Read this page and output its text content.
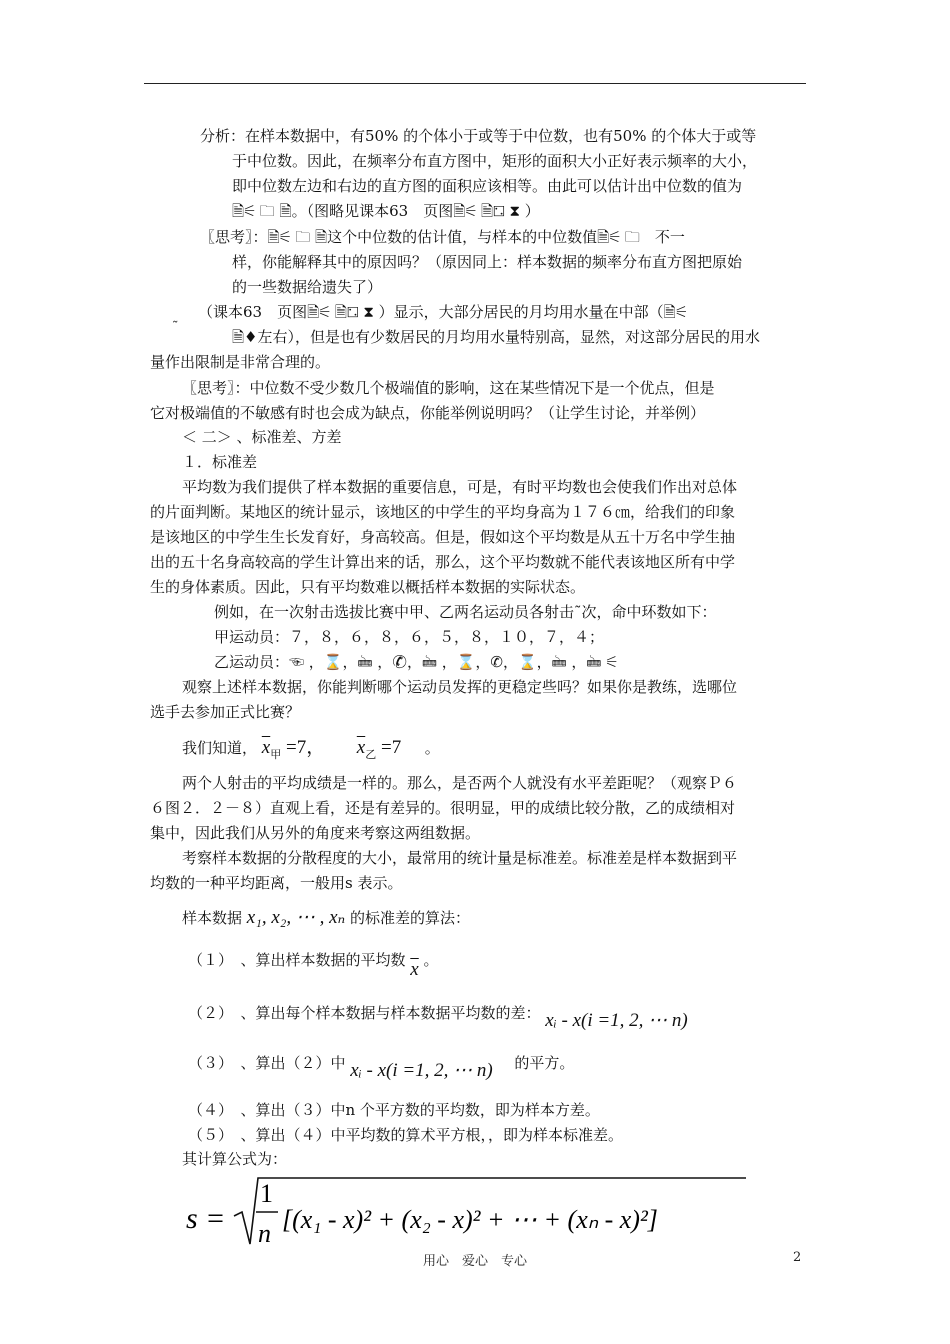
分析：在样本数据中，有50% 的个体小于或等于中位数，也有50% 的个体大于或等
于中位数。因此，在频率分布直方图中，矩形的面积大小正好表示频率的大小，
即中位数左边和右边的直方图的面积应该相等。由此可以估计出中位数的值为
🗎⚟ 🗀 🗎。（图略见课本63　页图🗎⚟ 🗎⚁ ⧗ ）
〖思考〗：🗎⚟ 🗀 🗎这个中位数的估计值，与样本的中位数值🗎⚟ 🗀　不一
样，你能解释其中的原因吗？（原因同上：样本数据的频率分布直方图把原始
的一些数据给遗失了）
（课本63　页图🗎⚟ 🗎⚁ ⧗ ）显示，大部分居民的月均用水量在中部（🗎⚟
˜
🗎♦左右），但是也有少数居民的月均用水量特别高，显然，对这部分居民的用水
量作出限制是非常合理的。
〖思考〗：中位数不受少数几个极端值的影响，这在某些情况下是一个优点，但是
它对极端值的不敏感有时也会成为缺点，你能举例说明吗？（让学生讨论，并举例）
＜ 二＞ 、标准差、方差
１．标准差
平均数为我们提供了样本数据的重要信息，可是，有时平均数也会使我们作出对总体
的片面判断。某地区的统计显示，该地区的中学生的平均身高为１７６㎝，给我们的印象
是该地区的中学生生长发育好，身高较高。但是，假如这个平均数是从五十万名中学生抽
出的五十名身高较高的学生计算出来的话，那么，这个平均数就不能代表该地区所有中学
生的身体素质。因此，只有平均数难以概括样本数据的实际状态。
例如，在一次射击选拔比赛中甲、乙两名运动员各射击᠎˜次，命中环数如下：
甲运动员：７，８，６，８，６，５，８，１０，７，４；
乙运动员：☜ ，⌛，🖮 ，✆，🖮 ，⌛，✆，⌛，🖮 ，🖮 ⚟
观察上述样本数据，你能判断哪个运动员发挥的更稳定些吗？如果你是教练，选哪位
选手去参加正式比赛？
我们知道， $\overline{x}_甲 =7$， $\overline{x}_乙 =7$ 。
两个人射击的平均成绩是一样的。那么，是否两个人就没有水平差距呢？（观察Ｐ６
６图２．２－８）直观上看，还是有差异的。很明显，甲的成绩比较分散，乙的成绩相对
集中，因此我们从另外的角度来考察这两组数据。
考察样本数据的分散程度的大小，最常用的统计量是标准差。标准差是样本数据到平
均数的一种平均距离，一般用s 表示。
样本数据 x₁, x₂, ⋯ , xₙ 的标准差的算法：
（１）　、算出样本数据的平均数 $\overline{x}$ 。
（２）　、算出每个样本数据与样本数据平均数的差： xᵢ - x(i =1, 2, ⋯ n)
（３）　、算出（２）中 xᵢ - x(i =1, 2, ⋯ n) 的平方。
（４）　、算出（３）中n 个平方数的平均数，即为样本方差。
（５）　、算出（４）中平均数的算术平方根，，即为样本标准差。
其计算公式为：
s =
1
n [(x₁ - x)² + (x₂ - x)² + ⋯ + (xₙ - x)²]
用心　爱心　专心	2
